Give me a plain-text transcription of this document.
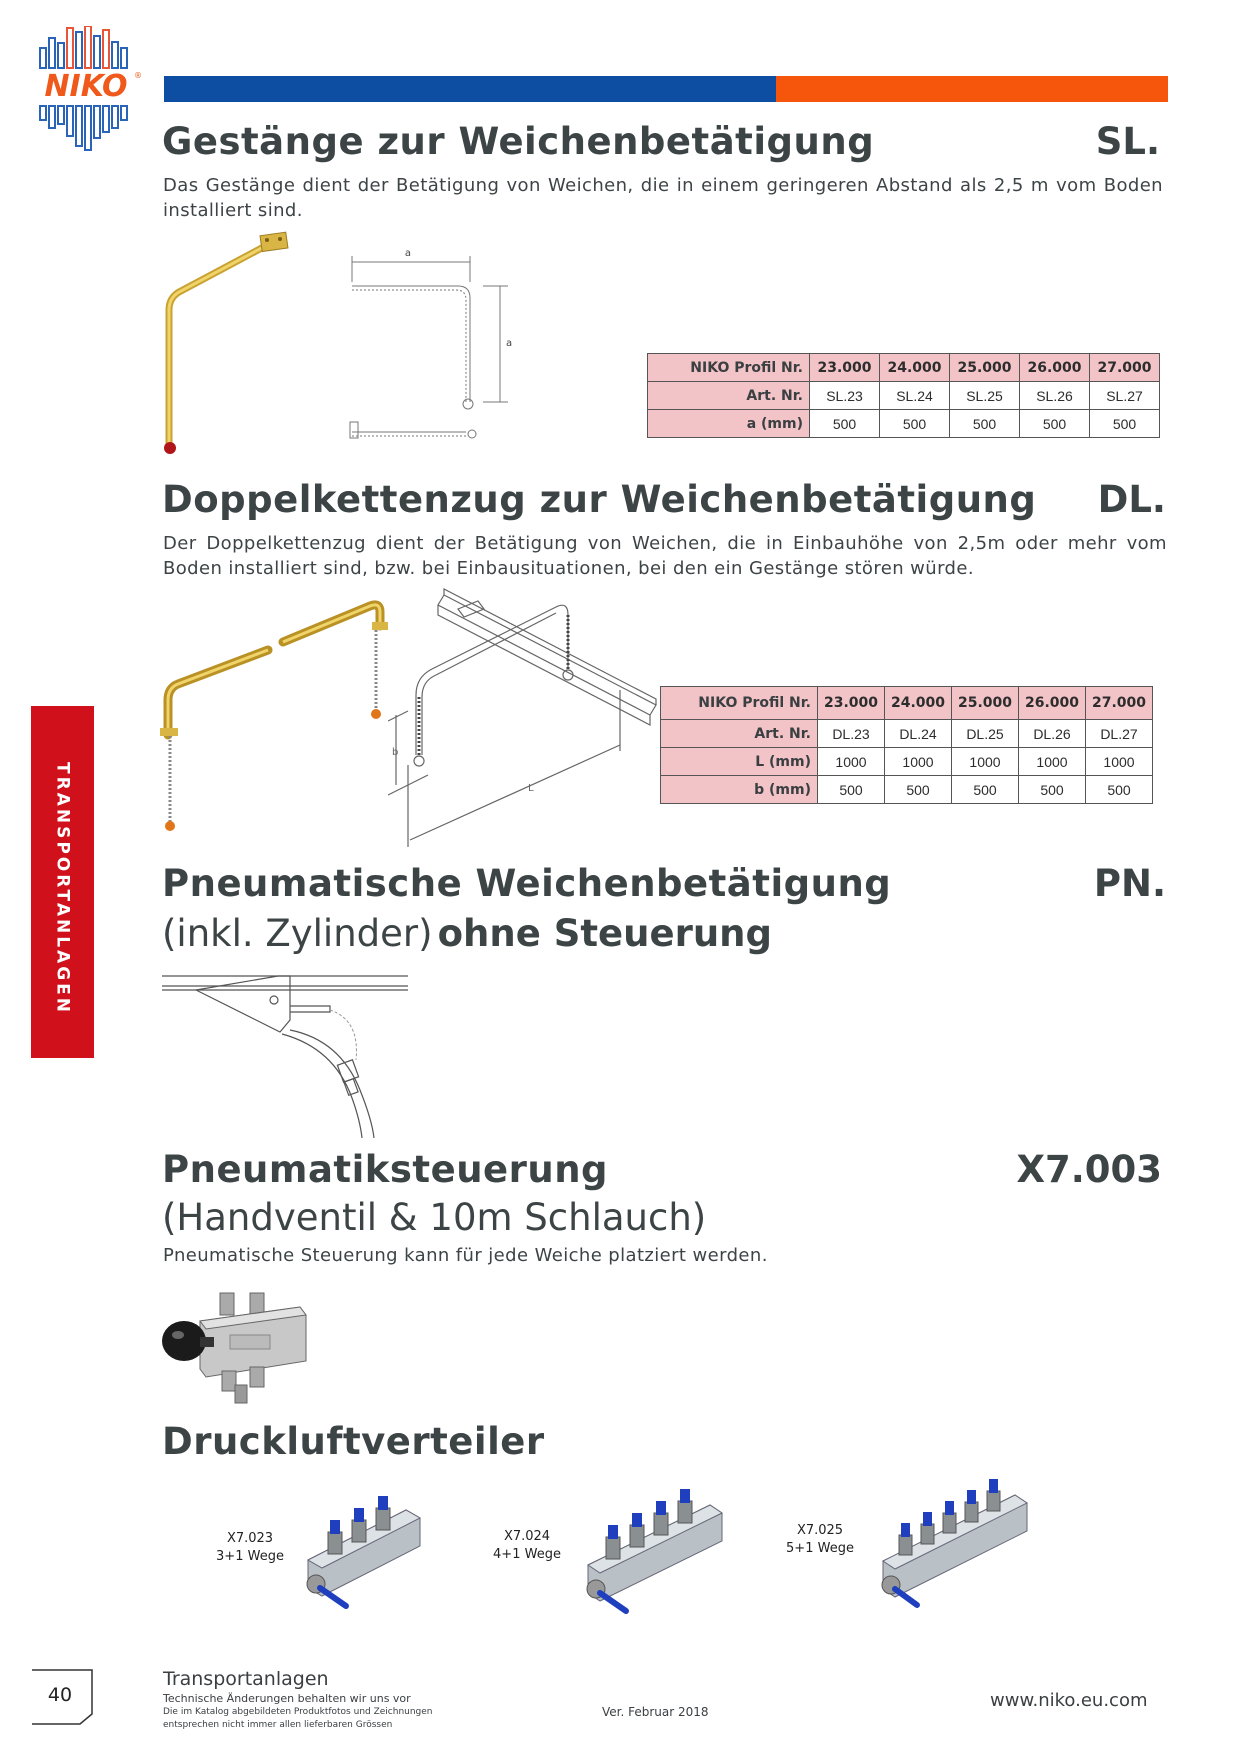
NIKO ®
TRANSPORTANLAGEN
Gestänge zur Weichenbetätigung	SL.
Das Gestänge dient der Betätigung von Weichen, die in einem geringeren Abstand als 2,5 m vom Boden installiert sind.
a
a
NIKO Profil Nr.	23.000	24.000	25.000	26.000	27.000
Art. Nr.	SL.23	SL.24	SL.25	SL.26	SL.27
a (mm)	500	500	500	500	500
Doppelkettenzug zur Weichenbetätigung	DL.
Der Doppelkettenzug dient der Betätigung von Weichen, die in Einbauhöhe von 2,5m oder mehr vom Boden installiert sind, bzw. bei Einbausituationen, bei den ein Gestänge stören würde.
b
L
NIKO Profil Nr.	23.000	24.000	25.000	26.000	27.000
Art. Nr.	DL.23	DL.24	DL.25	DL.26	DL.27
L (mm)	1000	1000	1000	1000	1000
b (mm)	500	500	500	500	500
Pneumatische Weichenbetätigung	PN.
(inkl. Zylinder) ohne Steuerung
Pneumatiksteuerung	X7.003
(Handventil & 10m Schlauch)
Pneumatische Steuerung kann für jede Weiche platziert werden.
Druckluftverteiler
X7.023
3+1 Wege
X7.024
4+1 Wege
X7.025
5+1 Wege
40
Transportanlagen
Technische Änderungen behalten wir uns vor
Die im Katalog abgebildeten Produktfotos und Zeichnungen
entsprechen nicht immer allen lieferbaren Grössen
Ver. Februar 2018
www.niko.eu.com
